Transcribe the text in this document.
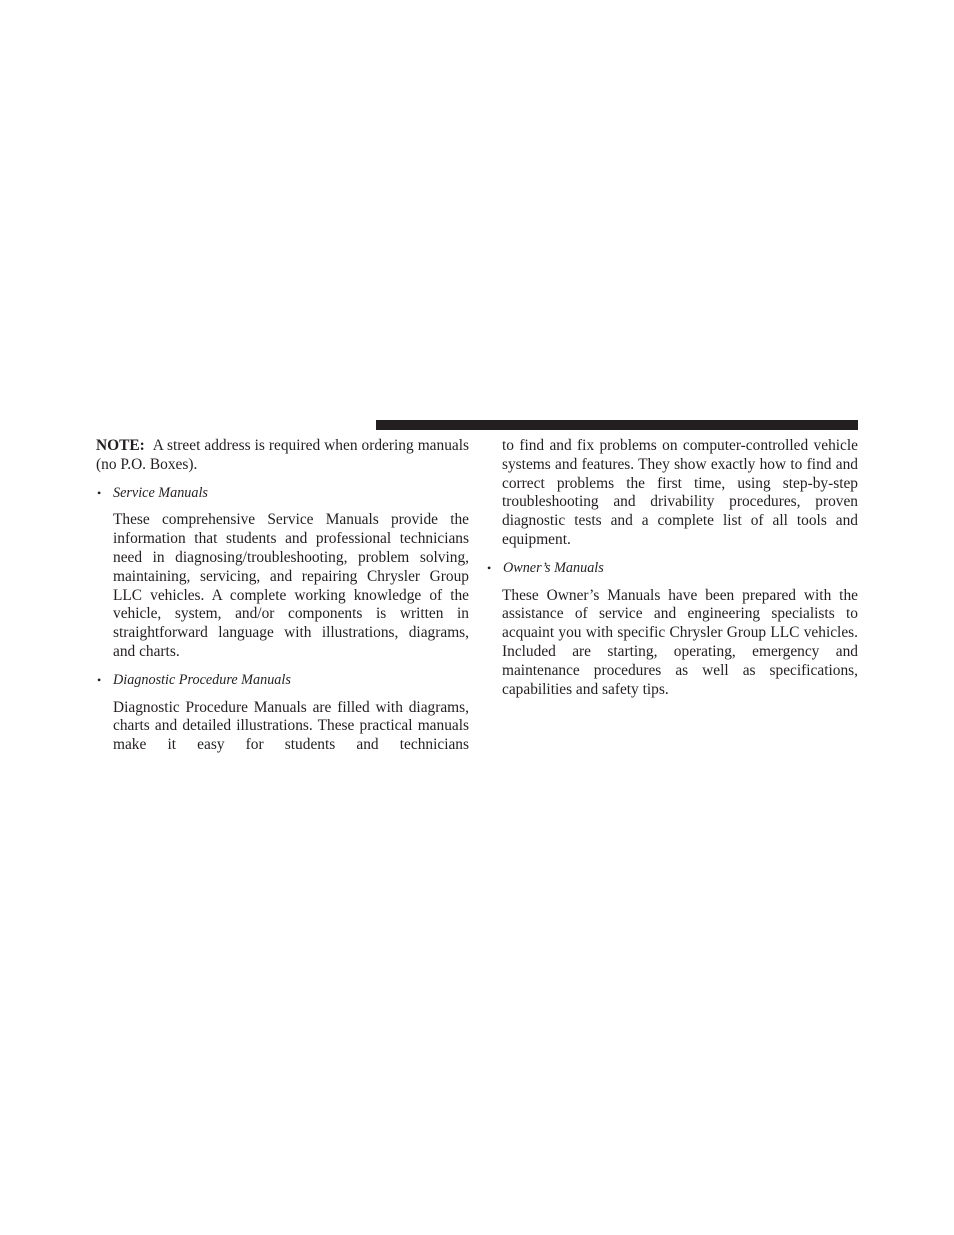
NOTE: A street address is required when ordering manuals (no P.O. Boxes).

• Service Manuals

These comprehensive Service Manuals provide the information that students and professional technicians need in diagnosing/troubleshooting, problem solving, maintaining, servicing, and repairing Chrysler Group LLC vehicles. A complete working knowledge of the vehicle, system, and/or components is written in straightforward language with illustrations, diagrams, and charts.

• Diagnostic Procedure Manuals

Diagnostic Procedure Manuals are filled with diagrams, charts and detailed illustrations. These practical manuals make it easy for students and technicians

to find and fix problems on computer-controlled vehicle systems and features. They show exactly how to find and correct problems the first time, using step-by-step troubleshooting and drivability procedures, proven diagnostic tests and a complete list of all tools and equipment.

• Owner’s Manuals

These Owner’s Manuals have been prepared with the assistance of service and engineering specialists to acquaint you with specific Chrysler Group LLC vehicles. Included are starting, operating, emergency and maintenance procedures as well as specifications, capabilities and safety tips.
